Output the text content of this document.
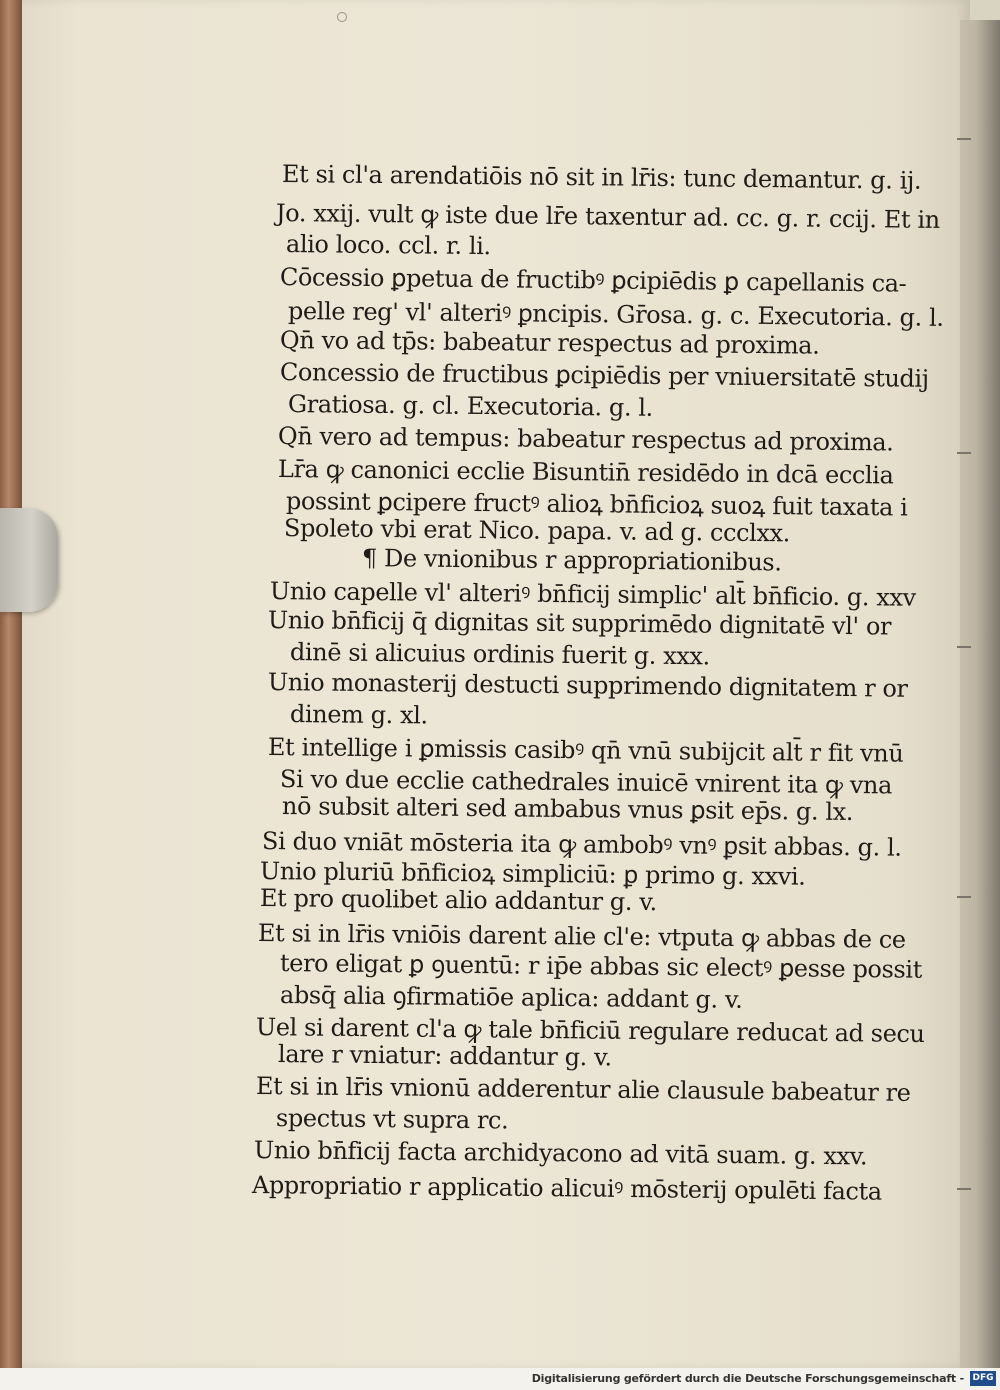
Et si cl'a arendatiōis nō sit in lr̄is: tunc demantur. g. ij.
Jo. xxij. vult ꝙ iste due lr̄e taxentur ad. cc. g. r. ccij. Et in
alio loco. ccl. r. li.
Cōcessio ꝑpetua de fructibꝰ ꝑcipiēdis ꝑ capellanis ca-
pelle reg' vl' alteriꝰ ꝑncipis. Gr̄osa. g. c. Executoria. g. l.
Qn̄ vo ad tp̄s: babeatur respectus ad proxima.
Concessio de fructibus ꝑcipiēdis per vniuersitatē studij
Gratiosa. g. cl. Executoria. g. l.
Qn̄ vero ad tempus: babeatur respectus ad proxima.
Lr̄a ꝙ canonici ecclie Bisuntin̄ residēdo in dcā ecclia
possint ꝑcipere fructꝰ alioꝝ bn̄ficioꝝ suoꝝ fuit taxata i
Spoleto vbi erat Nico. papa. v. ad g. ccclxx.
¶ De vnionibus r appropriationibus.
Unio capelle vl' alteriꝰ bn̄ficij simplic' alt̄ bn̄ficio. g. xxv
Unio bn̄ficij q̄ dignitas sit supprimēdo dignitatē vl' or
dinē si alicuius ordinis fuerit g. xxx.
Unio monasterij destucti supprimendo dignitatem r or
dinem g. xl.
Et intellige i ꝑmissis casibꝰ qn̄ vnū subijcit alt̄ r fit vnū
Si vo due ecclie cathedrales inuicē vnirent ita ꝙ vna
nō subsit alteri sed ambabus vnus ꝑsit ep̄s. g. lx.
Si duo vniāt mōsteria ita ꝙ ambobꝰ vnꝰ ꝑsit abbas. g. l.
Unio pluriū bn̄ficioꝝ simpliciū: ꝑ primo g. xxvi.
Et pro quolibet alio addantur g. v.
Et si in lr̄is vniōis darent alie cl'e: vtputa ꝙ abbas de ce
tero eligat ꝑ ꝯuentū: r ip̄e abbas sic electꝰ ꝑesse possit
absq̄ alia ꝯfirmatiōe aplica: addant g. v.
Uel si darent cl'a ꝙ tale bn̄ficiū regulare reducat ad secu
lare r vniatur: addantur g. v.
Et si in lr̄is vnionū adderentur alie clausule babeatur re
spectus vt supra rc.
Unio bn̄ficij facta archidyacono ad vitā suam. g. xxv.
Appropriatio r applicatio alicuiꝰ mōsterij opulēti facta
Digitalisierung gefördert durch die Deutsche Forschungsgemeinschaft - DFG
